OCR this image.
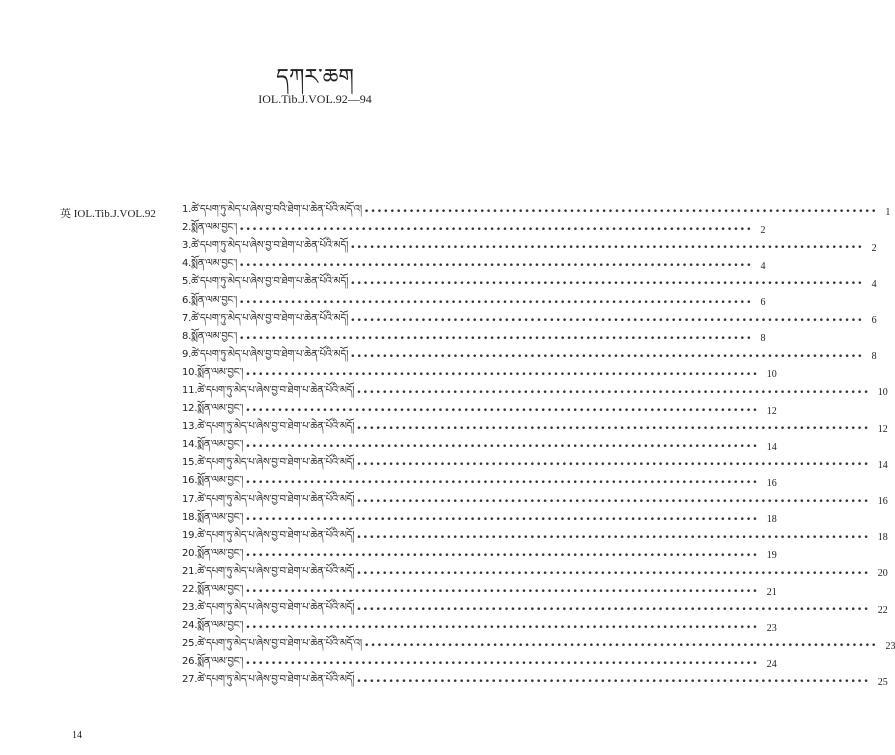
དཀར་ཆག
IOL.Tib.J.VOL.92—94
英 IOL.Tib.J.VOL.92	1.ཚེ་དཔག་ཏུ་མེད་པ་ཞེས་བྱ་བའི་ཐེག་པ་ཆེན་པོའི་མདོ་འ། •••••••••••••••••••••••••••••••••••••••••••••••••••••••••••••••••••••••••••••••• 1
2.སྨོན་ལམ་བྱང་། •••••••••••••••••••••••••••••••••••••••••••••••••••••••••••••••••••••••••••••••• 2
3.ཚེ་དཔག་ཏུ་མེད་པ་ཞེས་བྱ་བ་ཐེག་པ་ཆེན་པོའི་མདོ། •••••••••••••••••••••••••••••••••••••••••••••••••••••••••••••••••••••••••••••••• 2
4.སྨོན་ལམ་བྱང་། •••••••••••••••••••••••••••••••••••••••••••••••••••••••••••••••••••••••••••••••• 4
5.ཚེ་དཔག་ཏུ་མེད་པ་ཞེས་བྱ་བ་ཐེག་པ་ཆེན་པོའི་མདོ། •••••••••••••••••••••••••••••••••••••••••••••••••••••••••••••••••••••••••••••••• 4
6.སྨོན་ལམ་བྱང་། •••••••••••••••••••••••••••••••••••••••••••••••••••••••••••••••••••••••••••••••• 6
7.ཚེ་དཔག་ཏུ་མེད་པ་ཞེས་བྱ་བ་ཐེག་པ་ཆེན་པོའི་མདོ། •••••••••••••••••••••••••••••••••••••••••••••••••••••••••••••••••••••••••••••••• 6
8.སྨོན་ལམ་བྱང་། •••••••••••••••••••••••••••••••••••••••••••••••••••••••••••••••••••••••••••••••• 8
9.ཚེ་དཔག་ཏུ་མེད་པ་ཞེས་བྱ་བ་ཐེག་པ་ཆེན་པོའི་མདོ། •••••••••••••••••••••••••••••••••••••••••••••••••••••••••••••••••••••••••••••••• 8
10.སྨོན་ལམ་བྱང་། •••••••••••••••••••••••••••••••••••••••••••••••••••••••••••••••••••••••••••••••• 10
11.ཚེ་དཔག་ཏུ་མེད་པ་ཞེས་བྱ་བ་ཐེག་པ་ཆེན་པོའི་མདོ། •••••••••••••••••••••••••••••••••••••••••••••••••••••••••••••••••••••••••••••••• 10
12.སྨོན་ལམ་བྱང་། •••••••••••••••••••••••••••••••••••••••••••••••••••••••••••••••••••••••••••••••• 12
13.ཚེ་དཔག་ཏུ་མེད་པ་ཞེས་བྱ་བ་ཐེག་པ་ཆེན་པོའི་མདོ། •••••••••••••••••••••••••••••••••••••••••••••••••••••••••••••••••••••••••••••••• 12
14.སྨོན་ལམ་བྱང་། •••••••••••••••••••••••••••••••••••••••••••••••••••••••••••••••••••••••••••••••• 14
15.ཚེ་དཔག་ཏུ་མེད་པ་ཞེས་བྱ་བ་ཐེག་པ་ཆེན་པོའི་མདོ། •••••••••••••••••••••••••••••••••••••••••••••••••••••••••••••••••••••••••••••••• 14
16.སྨོན་ལམ་བྱང་། •••••••••••••••••••••••••••••••••••••••••••••••••••••••••••••••••••••••••••••••• 16
17.ཚེ་དཔག་ཏུ་མེད་པ་ཞེས་བྱ་བ་ཐེག་པ་ཆེན་པོའི་མདོ། •••••••••••••••••••••••••••••••••••••••••••••••••••••••••••••••••••••••••••••••• 16
18.སྨོན་ལམ་བྱང་། •••••••••••••••••••••••••••••••••••••••••••••••••••••••••••••••••••••••••••••••• 18
19.ཚེ་དཔག་ཏུ་མེད་པ་ཞེས་བྱ་བ་ཐེག་པ་ཆེན་པོའི་མདོ། •••••••••••••••••••••••••••••••••••••••••••••••••••••••••••••••••••••••••••••••• 18
20.སྨོན་ལམ་བྱང་། •••••••••••••••••••••••••••••••••••••••••••••••••••••••••••••••••••••••••••••••• 19
21.ཚེ་དཔག་ཏུ་མེད་པ་ཞེས་བྱ་བ་ཐེག་པ་ཆེན་པོའི་མདོ། •••••••••••••••••••••••••••••••••••••••••••••••••••••••••••••••••••••••••••••••• 20
22.སྨོན་ལམ་བྱང་། •••••••••••••••••••••••••••••••••••••••••••••••••••••••••••••••••••••••••••••••• 21
23.ཚེ་དཔག་ཏུ་མེད་པ་ཞེས་བྱ་བ་ཐེག་པ་ཆེན་པོའི་མདོ། •••••••••••••••••••••••••••••••••••••••••••••••••••••••••••••••••••••••••••••••• 22
24.སྨོན་ལམ་བྱང་། •••••••••••••••••••••••••••••••••••••••••••••••••••••••••••••••••••••••••••••••• 23
25.ཚེ་དཔག་ཏུ་མེད་པ་ཞེས་བྱ་བ་ཐེག་པ་ཆེན་པོའི་མདོ་འ། •••••••••••••••••••••••••••••••••••••••••••••••••••••••••••••••••••••••••••••••• 23
26.སྨོན་ལམ་བྱང་། •••••••••••••••••••••••••••••••••••••••••••••••••••••••••••••••••••••••••••••••• 24
27.ཚེ་དཔག་ཏུ་མེད་པ་ཞེས་བྱ་བ་ཐེག་པ་ཆེན་པོའི་མདོ། •••••••••••••••••••••••••••••••••••••••••••••••••••••••••••••••••••••••••••••••• 25
14
